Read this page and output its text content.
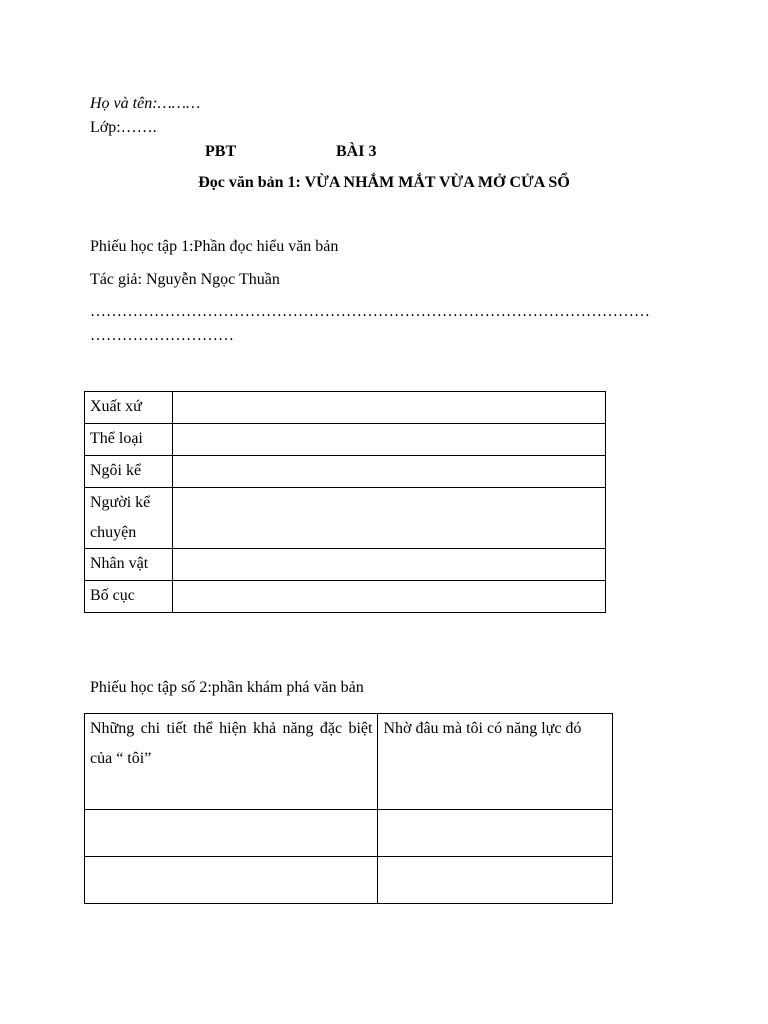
Họ và tên:………
Lớp:…….
PBT	BÀI 3
Đọc văn bản 1: VỪA NHẮM MẮT VỪA MỞ CỬA SỔ
Phiếu học tập 1:Phần đọc hiểu văn bản
Tác giả: Nguyễn Ngọc Thuần
……………………………………………………………………………………………
………………………
Xuất xứ	
Thể loại	
Ngôi kể	
Người kể chuyện	
Nhân vật	
Bố cục	
Phiếu học tập số 2:phần khám phá văn bản
Những chi tiết thể hiện khả năng đặc biệt của “ tôi”	Nhờ đâu mà tôi có năng lực đó
